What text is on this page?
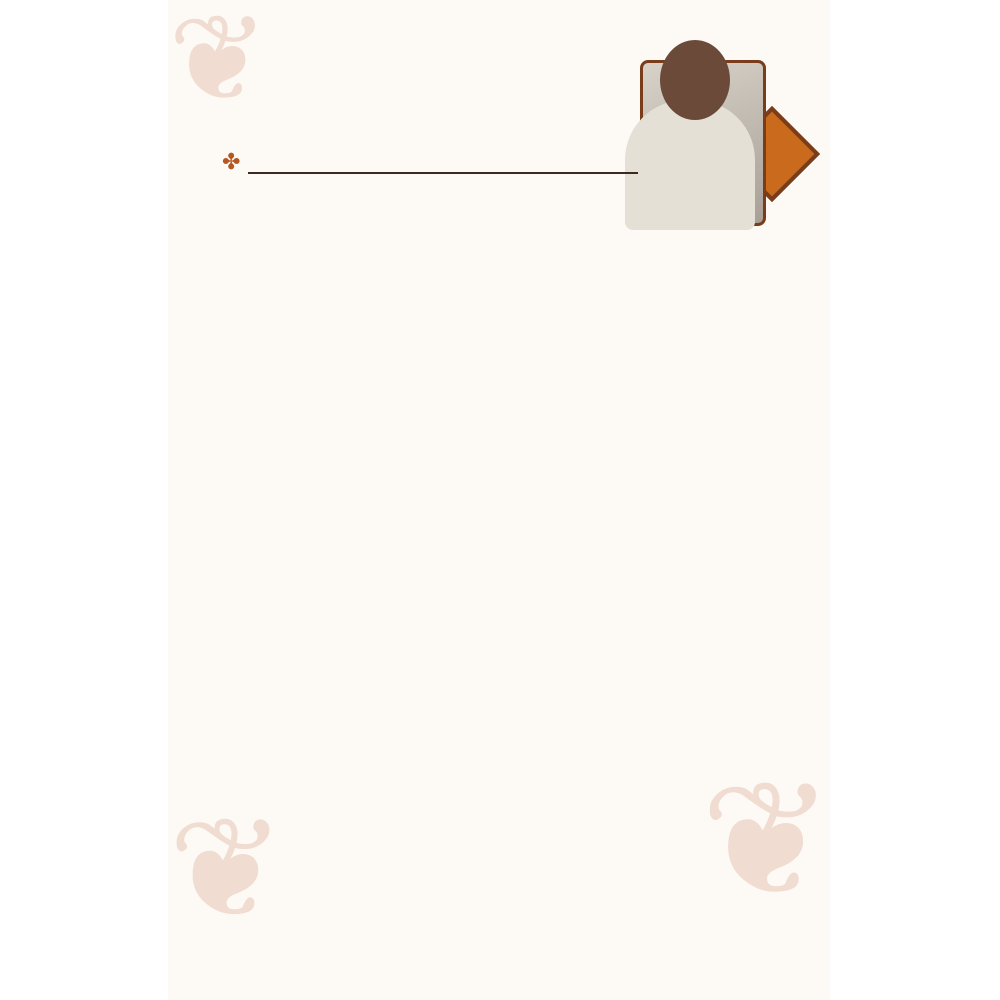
❦
❦	❦
✤
